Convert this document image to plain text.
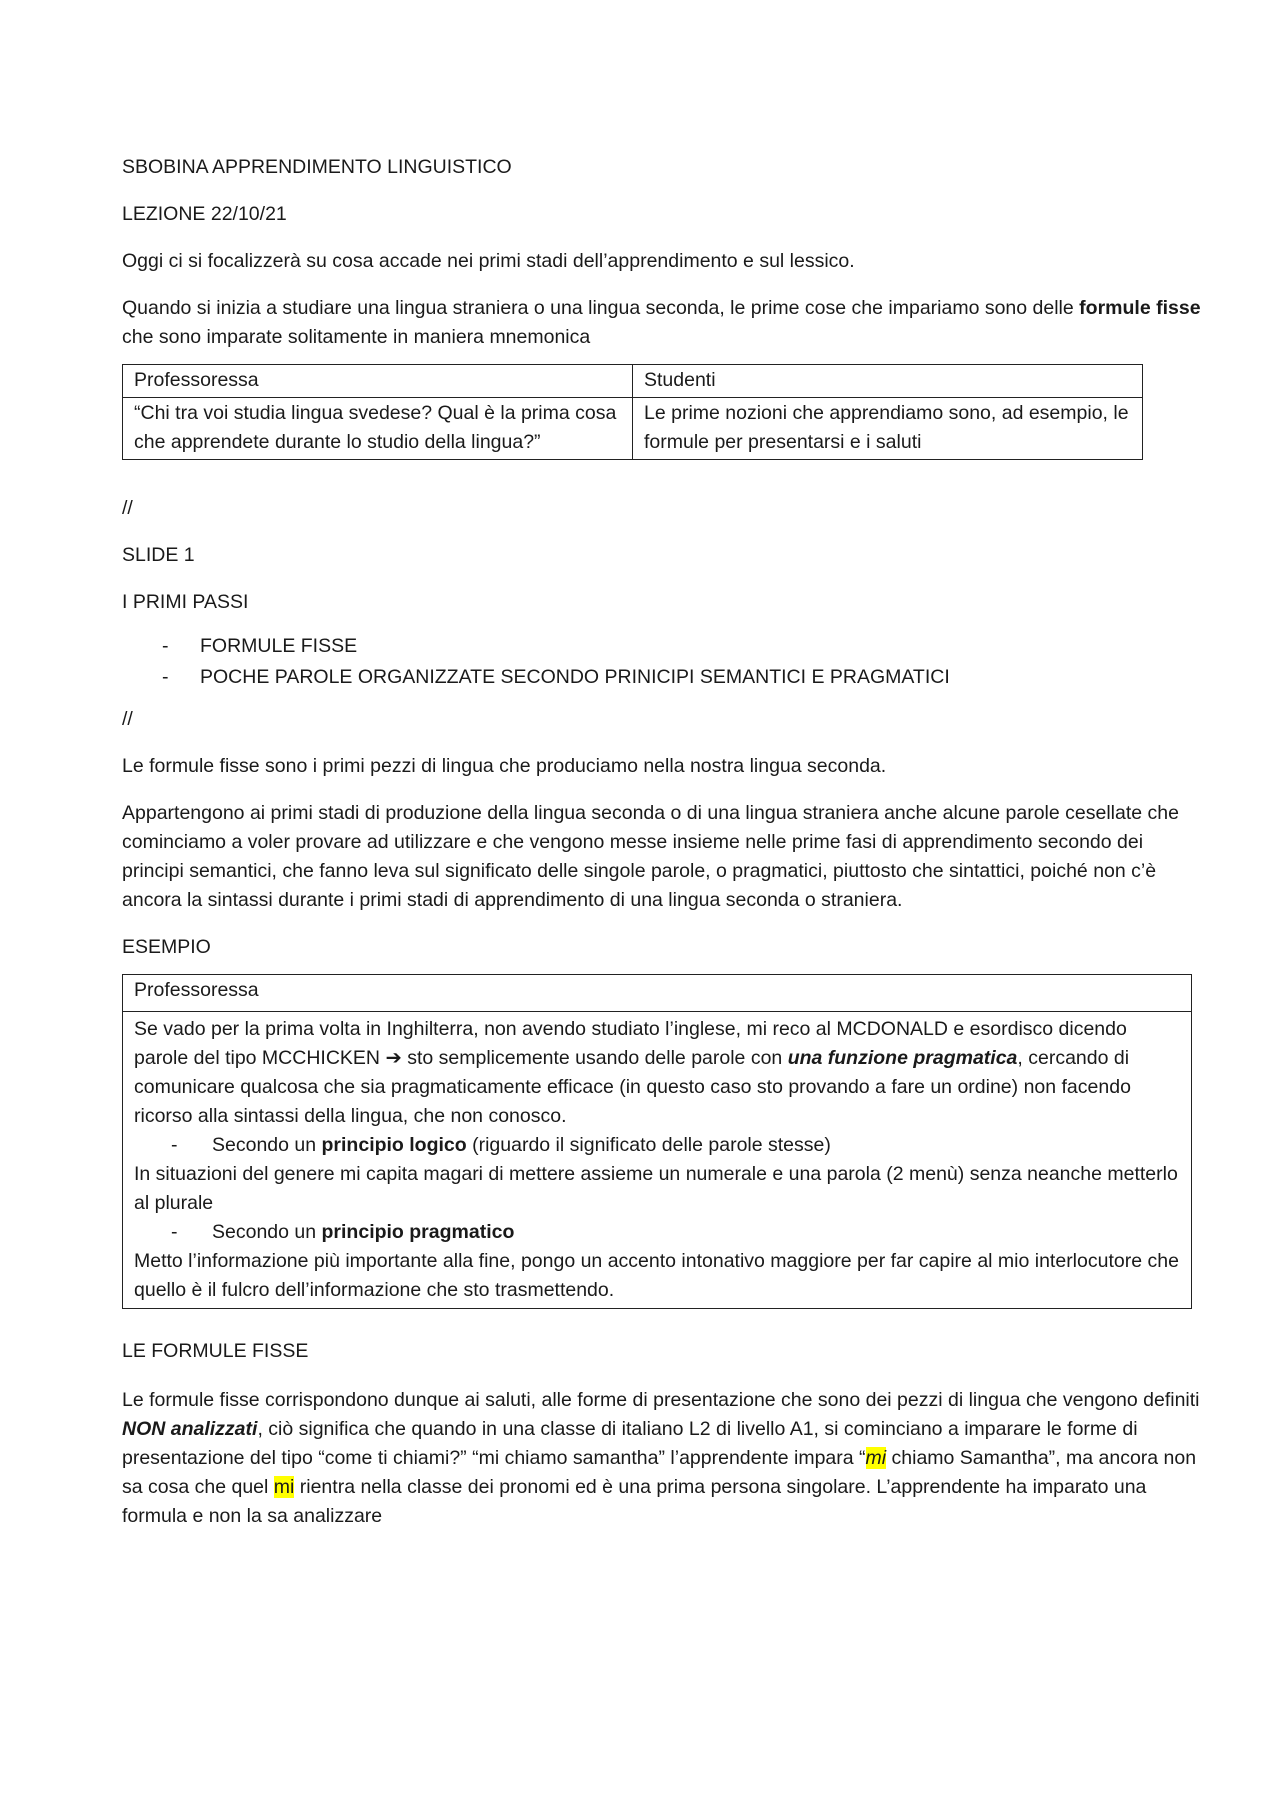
SBOBINA APPRENDIMENTO LINGUISTICO

LEZIONE 22/10/21

Oggi ci si focalizzerà su cosa accade nei primi stadi dell’apprendimento e sul lessico.

Quando si inizia a studiare una lingua straniera o una lingua seconda, le prime cose che impariamo sono delle formule fisse che sono imparate solitamente in maniera mnemonica

Professoressa	Studenti
“Chi tra voi studia lingua svedese? Qual è la prima cosa che apprendete durante lo studio della lingua?”	Le prime nozioni che apprendiamo sono, ad esempio, le formule per presentarsi e i saluti

//

SLIDE 1

I PRIMI PASSI

- FORMULE FISSE
- POCHE PAROLE ORGANIZZATE SECONDO PRINICIPI SEMANTICI E PRAGMATICI

//

Le formule fisse sono i primi pezzi di lingua che produciamo nella nostra lingua seconda.

Appartengono ai primi stadi di produzione della lingua seconda o di una lingua straniera anche alcune parole cesellate che cominciamo a voler provare ad utilizzare e che vengono messe insieme nelle prime fasi di apprendimento secondo dei principi semantici, che fanno leva sul significato delle singole parole, o pragmatici, piuttosto che sintattici, poiché non c’è ancora la sintassi durante i primi stadi di apprendimento di una lingua seconda o straniera.

ESEMPIO

Professoressa

Se vado per la prima volta in Inghilterra, non avendo studiato l’inglese, mi reco al MCDONALD e esordisco dicendo parole del tipo MCCHICKEN ➔ sto semplicemente usando delle parole con una funzione pragmatica, cercando di comunicare qualcosa che sia pragmaticamente efficace (in questo caso sto provando a fare un ordine) non facendo ricorso alla sintassi della lingua, che non conosco.
- Secondo un principio logico (riguardo il significato delle parole stesse)
In situazioni del genere mi capita magari di mettere assieme un numerale e una parola (2 menù) senza neanche metterlo al plurale
- Secondo un principio pragmatico
Metto l’informazione più importante alla fine, pongo un accento intonativo maggiore per far capire al mio interlocutore che quello è il fulcro dell’informazione che sto trasmettendo.

LE FORMULE FISSE

Le formule fisse corrispondono dunque ai saluti, alle forme di presentazione che sono dei pezzi di lingua che vengono definiti NON analizzati, ciò significa che quando in una classe di italiano L2 di livello A1, si cominciano a imparare le forme di presentazione del tipo “come ti chiami?” “mi chiamo samantha” l’apprendente impara “mi chiamo Samantha”, ma ancora non sa cosa che quel mi rientra nella classe dei pronomi ed è una prima persona singolare. L’apprendente ha imparato una formula e non la sa analizzare
